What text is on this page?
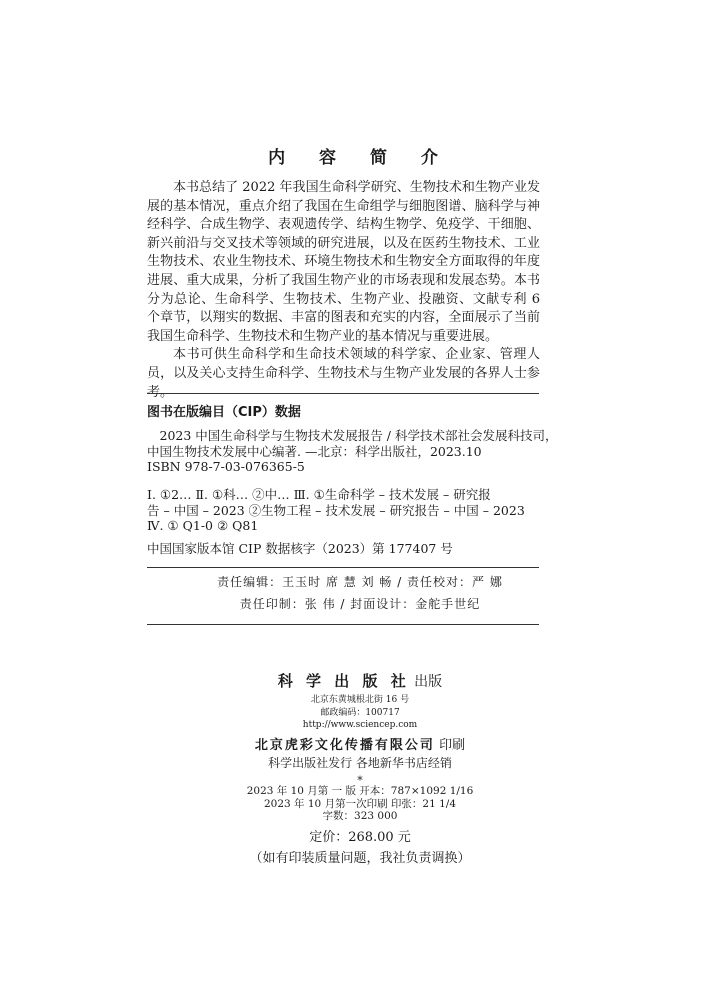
内 容 简 介

本书总结了 2022 年我国生命科学研究、生物技术和生物产业发展的基本情况，重点介绍了我国在生命组学与细胞图谱、脑科学与神经科学、合成生物学、表观遗传学、结构生物学、免疫学、干细胞、新兴前沿与交叉技术等领域的研究进展，以及在医药生物技术、工业生物技术、农业生物技术、环境生物技术和生物安全方面取得的年度进展、重大成果，分析了我国生物产业的市场表现和发展态势。本书分为总论、生命科学、生物技术、生物产业、投融资、文献专利 6 个章节，以翔实的数据、丰富的图表和充实的内容，全面展示了当前我国生命科学、生物技术和生物产业的基本情况与重要进展。

本书可供生命科学和生命技术领域的科学家、企业家、管理人员，以及关心支持生命科学、生物技术与生物产业发展的各界人士参考。

图书在版编目（CIP）数据
2023 中国生命科学与生物技术发展报告 / 科学技术部社会发展科技司，
中国生物技术发展中心编著. —北京：科学出版社，2023.10
ISBN 978-7-03-076365-5
Ⅰ. ①2… Ⅱ. ①科… ②中… Ⅲ. ①生命科学 – 技术发展 – 研究报
告 – 中国 – 2023 ②生物工程 – 技术发展 – 研究报告 – 中国 – 2023
Ⅳ. ① Q1-0 ② Q81
中国国家版本馆 CIP 数据核字（2023）第 177407 号
责任编辑：王玉时 席 慧 刘 畅 / 责任校对：严 娜
责任印制：张 伟 / 封面设计：金舵手世纪
科 学 出 版 社 出版
北京东黄城根北街 16 号
邮政编码：100717
http://www.sciencep.com
北京虎彩文化传播有限公司 印刷
科学出版社发行 各地新华书店经销
*
2023 年 10 月第 一 版 开本：787×1092 1/16
2023 年 10 月第一次印刷 印张：21 1/4
字数：323 000
定价：268.00 元
（如有印装质量问题，我社负责调换）
